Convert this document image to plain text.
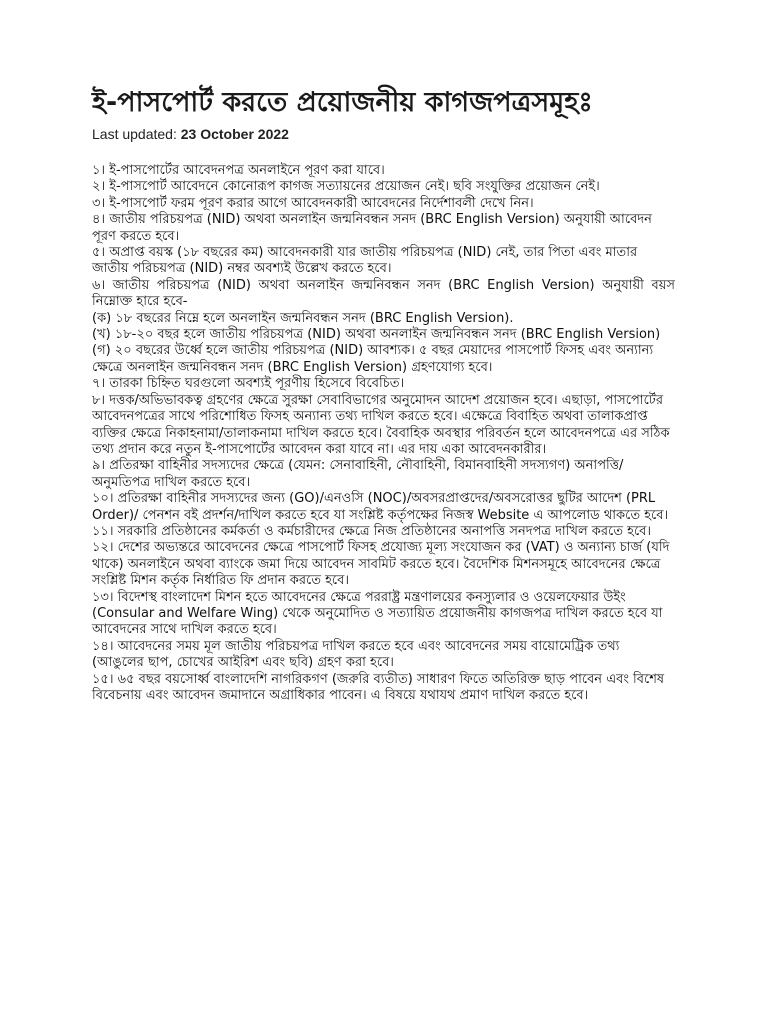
ই-পাসপোর্ট করতে প্রয়োজনীয় কাগজপত্রসমূহঃ
Last updated: 23 October 2022

১। ই-পাসপোর্টের আবেদনপত্র অনলাইনে পূরণ করা যাবে।

২। ই-পাসপোর্ট আবেদনে কোনোরূপ কাগজ সত্যায়নের প্রয়োজন নেই। ছবি সংযুক্তির প্রয়োজন নেই।

৩। ই-পাসপোর্ট ফরম পূরণ করার আগে আবেদনকারী আবেদনের নির্দেশাবলী দেখে নিন।

৪। জাতীয় পরিচয়পত্র (NID) অথবা অনলাইন জন্মনিবন্ধন সনদ (BRC English Version) অনুযায়ী আবেদন পূরণ করতে হবে।

৫। অপ্রাপ্ত বয়স্ক (১৮ বছরের কম) আবেদনকারী যার জাতীয় পরিচয়পত্র (NID) নেই, তার পিতা এবং মাতার জাতীয় পরিচয়পত্র (NID) নম্বর অবশ্যই উল্লেখ করতে হবে।

৬। জাতীয় পরিচয়পত্র (NID) অথবা অনলাইন জন্মনিবন্ধন সনদ (BRC English Version) অনুযায়ী বয়স নিম্নোক্ত হারে হবে-

(ক) ১৮ বছরের নিম্নে হলে অনলাইন জন্মনিবন্ধন সনদ (BRC English Version).

(খ) ১৮-২০ বছর হলে জাতীয় পরিচয়পত্র (NID) অথবা অনলাইন জন্মনিবন্ধন সনদ (BRC English Version)

(গ) ২০ বছরের উর্ধ্বে হলে জাতীয় পরিচয়পত্র (NID) আবশ্যক। ৫ বছর মেয়াদের পাসপোর্ট ফিসহ এবং অন্যান্য ক্ষেত্রে অনলাইন জন্মনিবন্ধন সনদ (BRC English Version) গ্রহণযোগ্য হবে।

৭। তারকা চিহ্নিত ঘরগুলো অবশ্যই পূরণীয় হিসেবে বিবেচিত।

৮। দত্তক/অভিভাবকত্ব গ্রহণের ক্ষেত্রে সুরক্ষা সেবাবিভাগের অনুমোদন আদেশ প্রয়োজন হবে। এছাড়া, পাসপোর্টের আবেদনপত্রের সাথে পরিশোধিত ফিসহ অন্যান্য তথ্য দাখিল করতে হবে। এক্ষেত্রে বিবাহিত অথবা তালাকপ্রাপ্ত ব্যক্তির ক্ষেত্রে নিকাহনামা/তালাকনামা দাখিল করতে হবে। বৈবাহিক অবস্থার পরিবর্তন হলে আবেদনপত্রে এর সঠিক তথ্য প্রদান করে নতুন ই-পাসপোর্টের আবেদন করা যাবে না। এর দায় একা আবেদনকারীর।

৯। প্রতিরক্ষা বাহিনীর সদস্যদের ক্ষেত্রে (যেমন: সেনাবাহিনী, নৌবাহিনী, বিমানবাহিনী সদস্যগণ) অনাপত্তি/অনুমতিপত্র দাখিল করতে হবে।

১০। প্রতিরক্ষা বাহিনীর সদস্যদের জন্য (GO)/এনওসি (NOC)/অবসরপ্রাপ্তদের/অবসরোত্তর ছুটির আদেশ (PRL Order)/ পেনশন বই প্রদর্শন/দাখিল করতে হবে যা সংশ্লিষ্ট কর্তৃপক্ষের নিজস্ব Website এ আপলোড থাকতে হবে।

১১। সরকারি প্রতিষ্ঠানের কর্মকর্তা ও কর্মচারীদের ক্ষেত্রে নিজ প্রতিষ্ঠানের অনাপত্তি সনদপত্র দাখিল করতে হবে।

১২। দেশের অভ্যন্তরে আবেদনের ক্ষেত্রে পাসপোর্ট ফিসহ প্রযোজ্য মূল্য সংযোজন কর (VAT) ও অন্যান্য চার্জ (যদি থাকে) অনলাইনে অথবা ব্যাংকে জমা দিয়ে আবেদন সাবমিট করতে হবে। বৈদেশিক মিশনসমূহে আবেদনের ক্ষেত্রে সংশ্লিষ্ট মিশন কর্তৃক নির্ধারিত ফি প্রদান করতে হবে।

১৩। বিদেশস্থ বাংলাদেশ মিশন হতে আবেদনের ক্ষেত্রে পররাষ্ট্র মন্ত্রণালয়ের কনস্যুলার ও ওয়েলফেয়ার উইং (Consular and Welfare Wing) থেকে অনুমোদিত ও সত্যায়িত প্রয়োজনীয় কাগজপত্র দাখিল করতে হবে যা আবেদনের সাথে দাখিল করতে হবে।

১৪। আবেদনের সময় মূল জাতীয় পরিচয়পত্র দাখিল করতে হবে এবং আবেদনের সময় বায়োমেট্রিক তথ্য (আঙুলের ছাপ, চোখের আইরিশ এবং ছবি) গ্রহণ করা হবে।

১৫। ৬৫ বছর বয়সোর্ধ্ব বাংলাদেশি নাগরিকগণ (জরুরি ব্যতীত) সাধারণ ফিতে অতিরিক্ত ছাড় পাবেন এবং বিশেষ বিবেচনায় এবং আবেদন জমাদানে অগ্রাধিকার পাবেন। এ বিষয়ে যথাযথ প্রমাণ দাখিল করতে হবে।
